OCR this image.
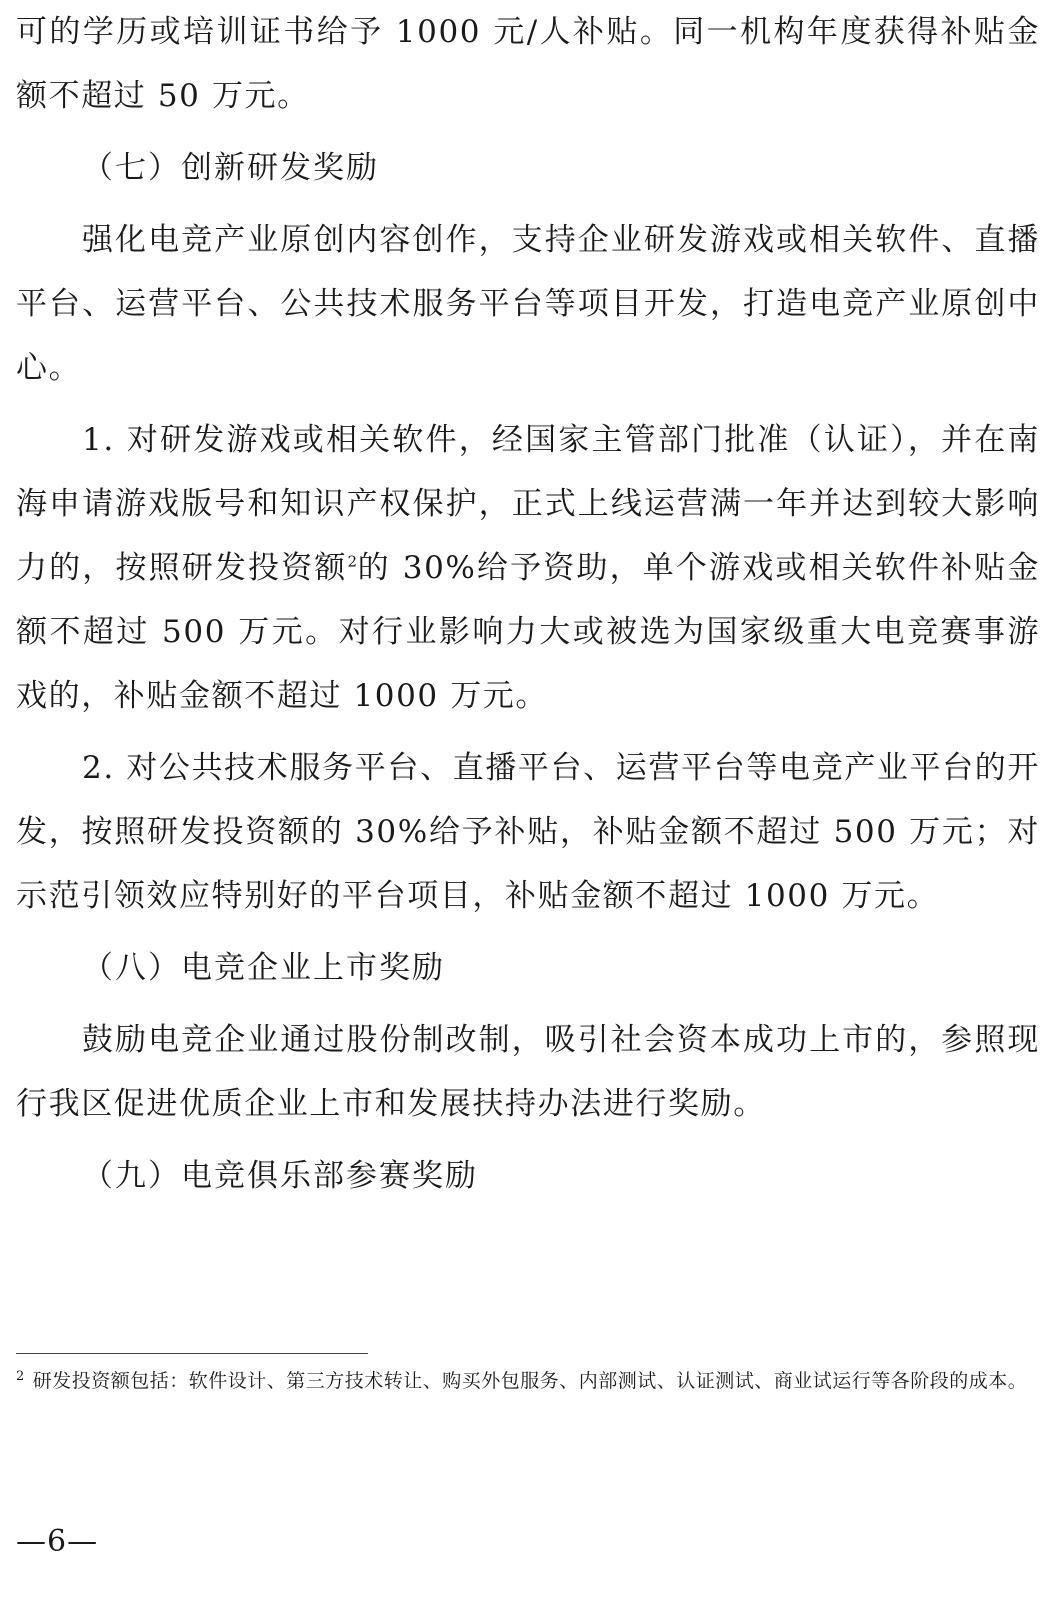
可的学历或培训证书给予 1000 元/人补贴。同一机构年度获得补贴金额不超过 50 万元。

（七）创新研发奖励

强化电竞产业原创内容创作，支持企业研发游戏或相关软件、直播平台、运营平台、公共技术服务平台等项目开发，打造电竞产业原创中心。

1. 对研发游戏或相关软件，经国家主管部门批准（认证），并在南海申请游戏版号和知识产权保护，正式上线运营满一年并达到较大影响力的，按照研发投资额$^2$的 30%给予资助，单个游戏或相关软件补贴金额不超过 500 万元。对行业影响力大或被选为国家级重大电竞赛事游戏的，补贴金额不超过 1000 万元。

2. 对公共技术服务平台、直播平台、运营平台等电竞产业平台的开发，按照研发投资额的 30%给予补贴，补贴金额不超过 500 万元；对示范引领效应特别好的平台项目，补贴金额不超过 1000 万元。

（八）电竞企业上市奖励

鼓励电竞企业通过股份制改制，吸引社会资本成功上市的，参照现行我区促进优质企业上市和发展扶持办法进行奖励。

（九）电竞俱乐部参赛奖励

$^2$ 研发投资额包括：软件设计、第三方技术转让、购买外包服务、内部测试、认证测试、商业试运行等各阶段的成本。

—6—
